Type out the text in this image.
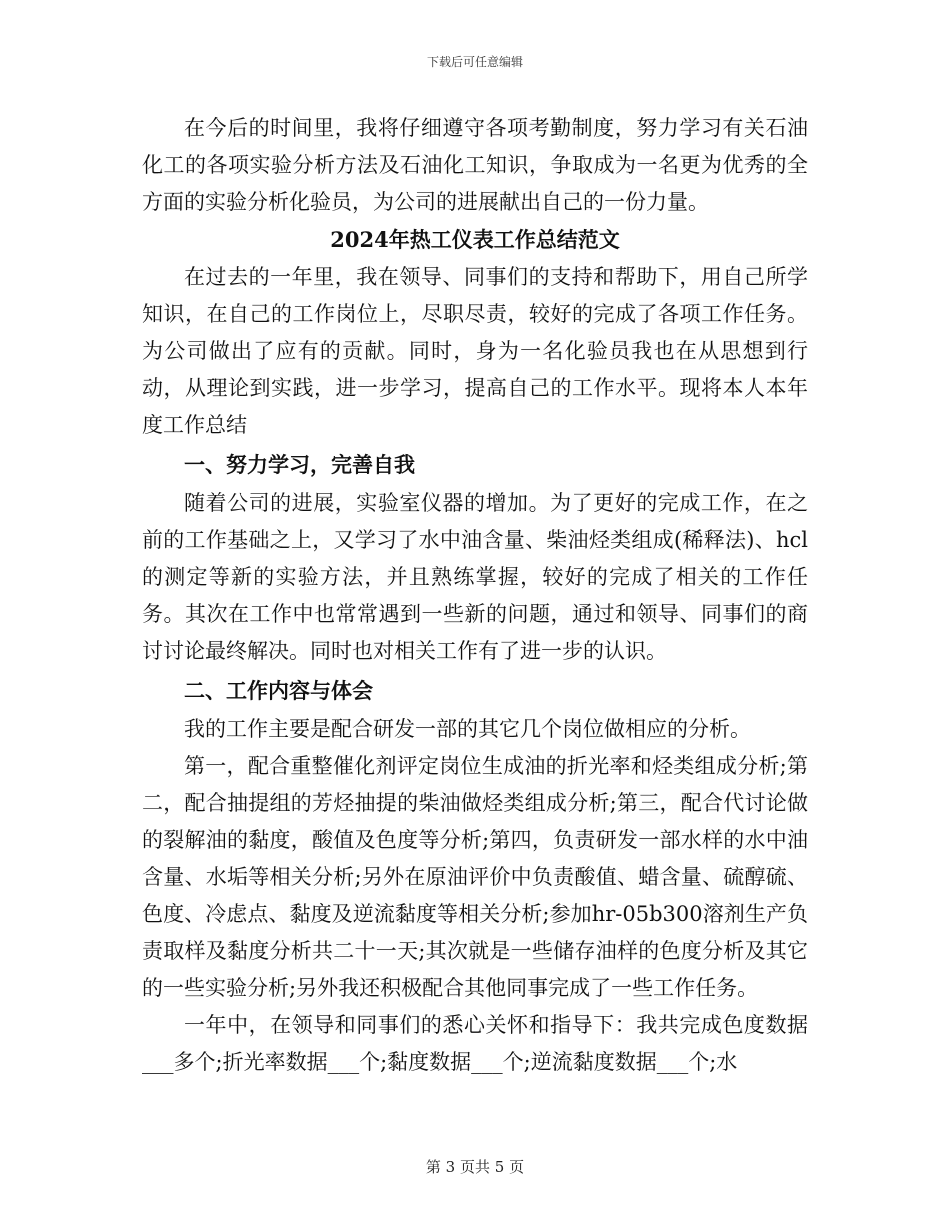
下载后可任意编辑

在今后的时间里，我将仔细遵守各项考勤制度，努力学习有关石油化工的各项实验分析方法及石油化工知识，争取成为一名更为优秀的全方面的实验分析化验员，为公司的进展献出自己的一份力量。

2024年热工仪表工作总结范文

在过去的一年里，我在领导、同事们的支持和帮助下，用自己所学知识，在自己的工作岗位上，尽职尽责，较好的完成了各项工作任务。为公司做出了应有的贡献。同时，身为一名化验员我也在从思想到行动，从理论到实践，进一步学习，提高自己的工作水平。现将本人本年度工作总结

一、努力学习，完善自我

随着公司的进展，实验室仪器的增加。为了更好的完成工作，在之前的工作基础之上，又学习了水中油含量、柴油烃类组成(稀释法)、hcl的测定等新的实验方法，并且熟练掌握，较好的完成了相关的工作任务。其次在工作中也常常遇到一些新的问题，通过和领导、同事们的商讨讨论最终解决。同时也对相关工作有了进一步的认识。

二、工作内容与体会

我的工作主要是配合研发一部的其它几个岗位做相应的分析。

第一，配合重整催化剂评定岗位生成油的折光率和烃类组成分析;第二，配合抽提组的芳烃抽提的柴油做烃类组成分析;第三，配合代讨论做的裂解油的黏度，酸值及色度等分析;第四，负责研发一部水样的水中油含量、水垢等相关分析;另外在原油评价中负责酸值、蜡含量、硫醇硫、色度、冷虑点、黏度及逆流黏度等相关分析;参加hr-05b300溶剂生产负责取样及黏度分析共二十一天;其次就是一些储存油样的色度分析及其它的一些实验分析;另外我还积极配合其他同事完成了一些工作任务。

一年中，在领导和同事们的悉心关怀和指导下：我共完成色度数据___多个;折光率数据___个;黏度数据___个;逆流黏度数据___个;水

第 3 页共 5 页
